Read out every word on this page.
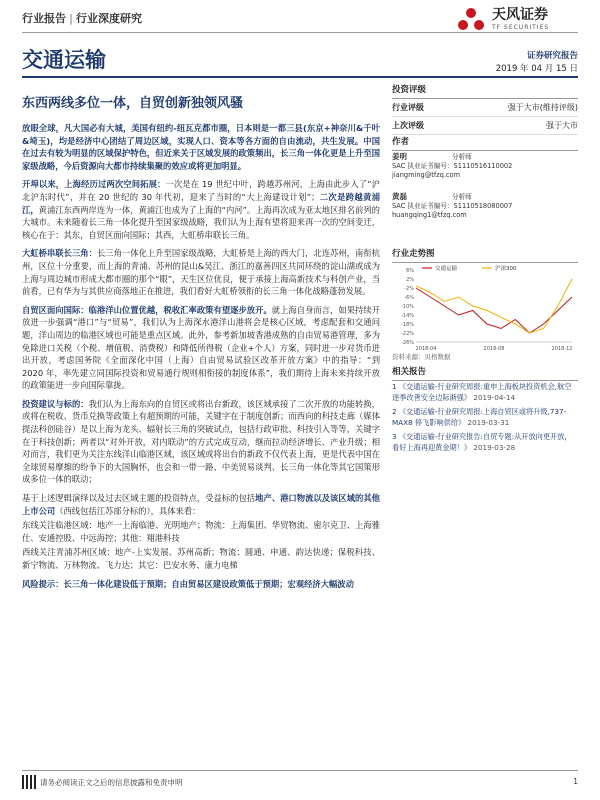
行业报告 | 行业深度研究	天风证券
TF SECURITIES
交通运输	证券研究报告
2019 年 04 月 15 日
东西两线多位一体，自贸创新独领风骚

放眼全球，凡大国必有大城，美国有纽约-纽瓦克都市圈，日本则是一都三县(东京+神奈川&千叶&埼玉)，均是经济中心团结了周边区域，实现人口、资本等各方面的自由流动，共生发展。中国在过去有较为明显的区域保护特色，但近来关于区域发展的政策频出，长三角一体化更是上升至国家级战略，今后资源向大都市持续集聚的效应或将更加明显。

开埠以来，上海经历过两次空间拓展：一次是在 19 世纪中叶，跨越苏州河，上海由此步入了“沪北沪东时代”，并在 20 世纪的 30 年代初，迎来了当时的“大上海建设计划”；二次是跨越黄浦江，黄浦江东西两岸连为一体，黄浦江也成为了上海的“内河”。上海再次成为亚太地区排名前列的大城市。未来随着长三角一体化提升至国家级战略，我们认为上海有望将迎来再一次的空间变迁，核心在于：其东，自贸区面向国际；其西，大虹桥串联长三角。

大虹桥串联长三角：长三角一体化上升至国家级战略，大虹桥是上海的西大门，北连苏州，南衔杭州，区位十分重要，而上海的青浦、苏州的昆山&吴江、浙江的嘉善四区共同环绕的淀山湖或成为上海与周边城市形成大都市圈的那个“眼”，天生区位优良，便于承接上海高新技术与科创产业，当前看，已有华为与其供应商落地正在推进，我们看好大虹桥领衔的长三角一体化战略蓬勃发展。

自贸区面向国际：临港洋山位置优越，税收汇率政策有望逐步放开。就上海自身而言，如果持续开放进一步强调“港口”与“贸易”，我们认为上海深水港洋山港将会是核心区域，考虑配套和交通问题，洋山周边的临港区域也可能是重点区域。此外，参考新加坡香港成熟的自由贸易港管理，多为免除进口关税（个税、增值税、消费税）和降低所得税（企业+个人）方案，同时进一步对货币进出开放，考虑国务院《全面深化中国（上海）自由贸易试验区改革开放方案》中的指导：“到 2020 年，率先建立同国际投资和贸易通行规则相衔接的制度体系”，我们期待上海未来持续开放的政策能进一步向国际靠拢。

投资建议与标的：我们认为上海东向的自贸区或将出台新政，该区域承接了二次开放的功能转换，或将在税收、货币兑换等政策上有超预期的可能，关键字在于制度创新；而西向的科技走廊（媒体提法科创硅谷）是以上海为龙头、辐射长三角的突破试点，包括行政审批、科技引入等等，关键字在于科技创新；两者以“对外开放，对内联动”的方式完成互动，继而拉动经济增长、产业升级；相对而言，我们更为关注东线洋山临港区域，该区域或将出台的新政不仅代表上海，更是代表中国在全球贸易摩擦的纷争下的大国胸怀，也会和一带一路、中美贸易谈判、长三角一体化等其它国策形成多位一体的联动；

基于上述逻辑演绎以及过去区域主题的投资特点，受益标的包括地产、港口物流以及该区域的其他上市公司（西线包括江苏部分标的），具体来看：

东线关注临港区域：地产一上海临港、光明地产；物流：上海集团、华贸物流、密尔克卫、上海雅仕、安通控股、中远海控；其他：翔港科技

西线关注青浦苏州区域：地产-上实发展、苏州高新；物流：圆通、申通、韵达快递；保税科技、新宁物流、万林物流、飞力达；其它：巴安水务、康力电梯

风险提示：长三角一体化建设低于预期；自由贸易区建设政策低于预期；宏观经济大幅波动

投资评级
行业评级	强于大市(维持评级)
上次评级	强于大市
作者
姜明	分析师
SAC 执业证书编号：S1110516110002
jiangming@tfzq.com
黄磊	分析师
SAC 执业证书编号：S1110518080007
huangqing1@tfzq.com
行业走势图
6%
2%
-2%
-6%
-10%
-14%
-18%
-22%
-26%
2018-04	2018-08	2018-12
交通运输	沪深300
资料来源：贝格数据
相关报告
1 《交通运输-行业研究周报:重申上海板块投资机会,航空逐季改善安全边际渐强》 2019-04-14
2 《交通运输-行业研究周报:上海自贸区或将升级,737-MAX8 停飞影响供给》 2019-03-31
3 《交通运输-行业研究报告:自贸专题:从开放向更开放，看好上海再迎黄金期！》 2019-03-28
请务必阅读正文之后的信息披露和免责申明	1
